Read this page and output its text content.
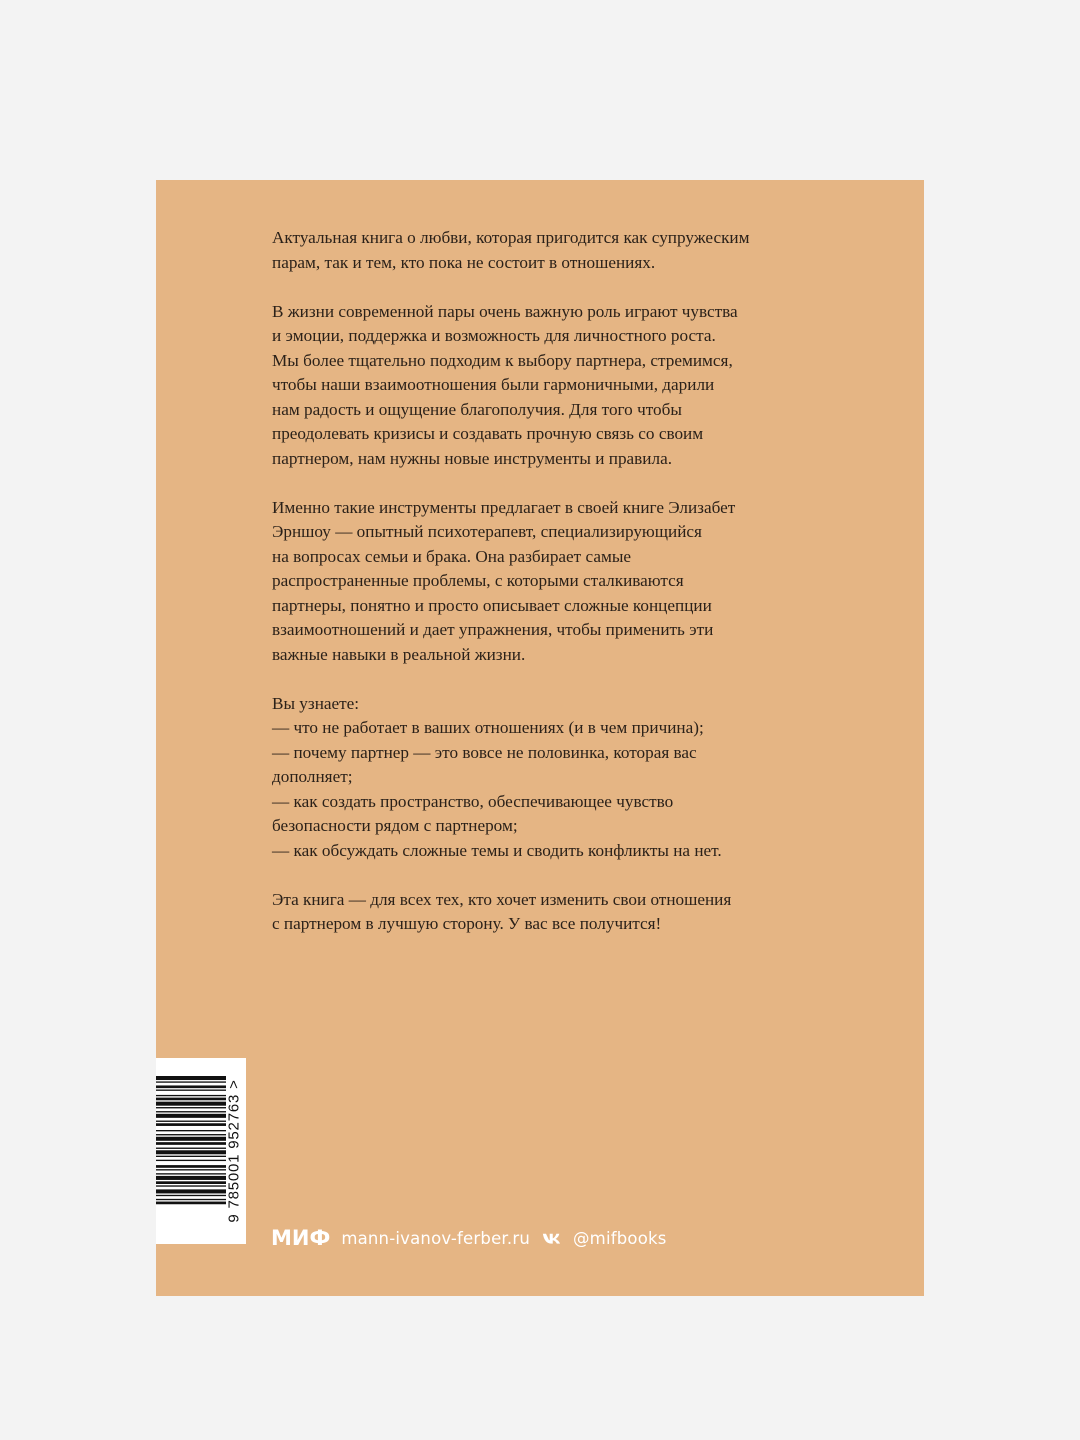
Актуальная книга о любви, которая пригодится как супружеским
парам, так и тем, кто пока не состоит в отношениях.

В жизни современной пары очень важную роль играют чувства
и эмоции, поддержка и возможность для личностного роста.
Мы более тщательно подходим к выбору партнера, стремимся,
чтобы наши взаимоотношения были гармоничными, дарили
нам радость и ощущение благополучия. Для того чтобы
преодолевать кризисы и создавать прочную связь со своим
партнером, нам нужны новые инструменты и правила.

Именно такие инструменты предлагает в своей книге Элизабет
Эрншоу — опытный психотерапевт, специализирующийся
на вопросах семьи и брака. Она разбирает самые
распространенные проблемы, с которыми сталкиваются
партнеры, понятно и просто описывает сложные концепции
взаимоотношений и дает упражнения, чтобы применить эти
важные навыки в реальной жизни.

Вы узнаете:
— что не работает в ваших отношениях (и в чем причина);
— почему партнер — это вовсе не половинка, которая вас
дополняет;
— как создать пространство, обеспечивающее чувство
безопасности рядом с партнером;
— как обсуждать сложные темы и сводить конфликты на нет.

Эта книга — для всех тех, кто хочет изменить свои отношения
с партнером в лучшую сторону. У вас все получится!

9 785001 952763 >
МИФ mann-ivanov-ferber.ru	@mifbooks
